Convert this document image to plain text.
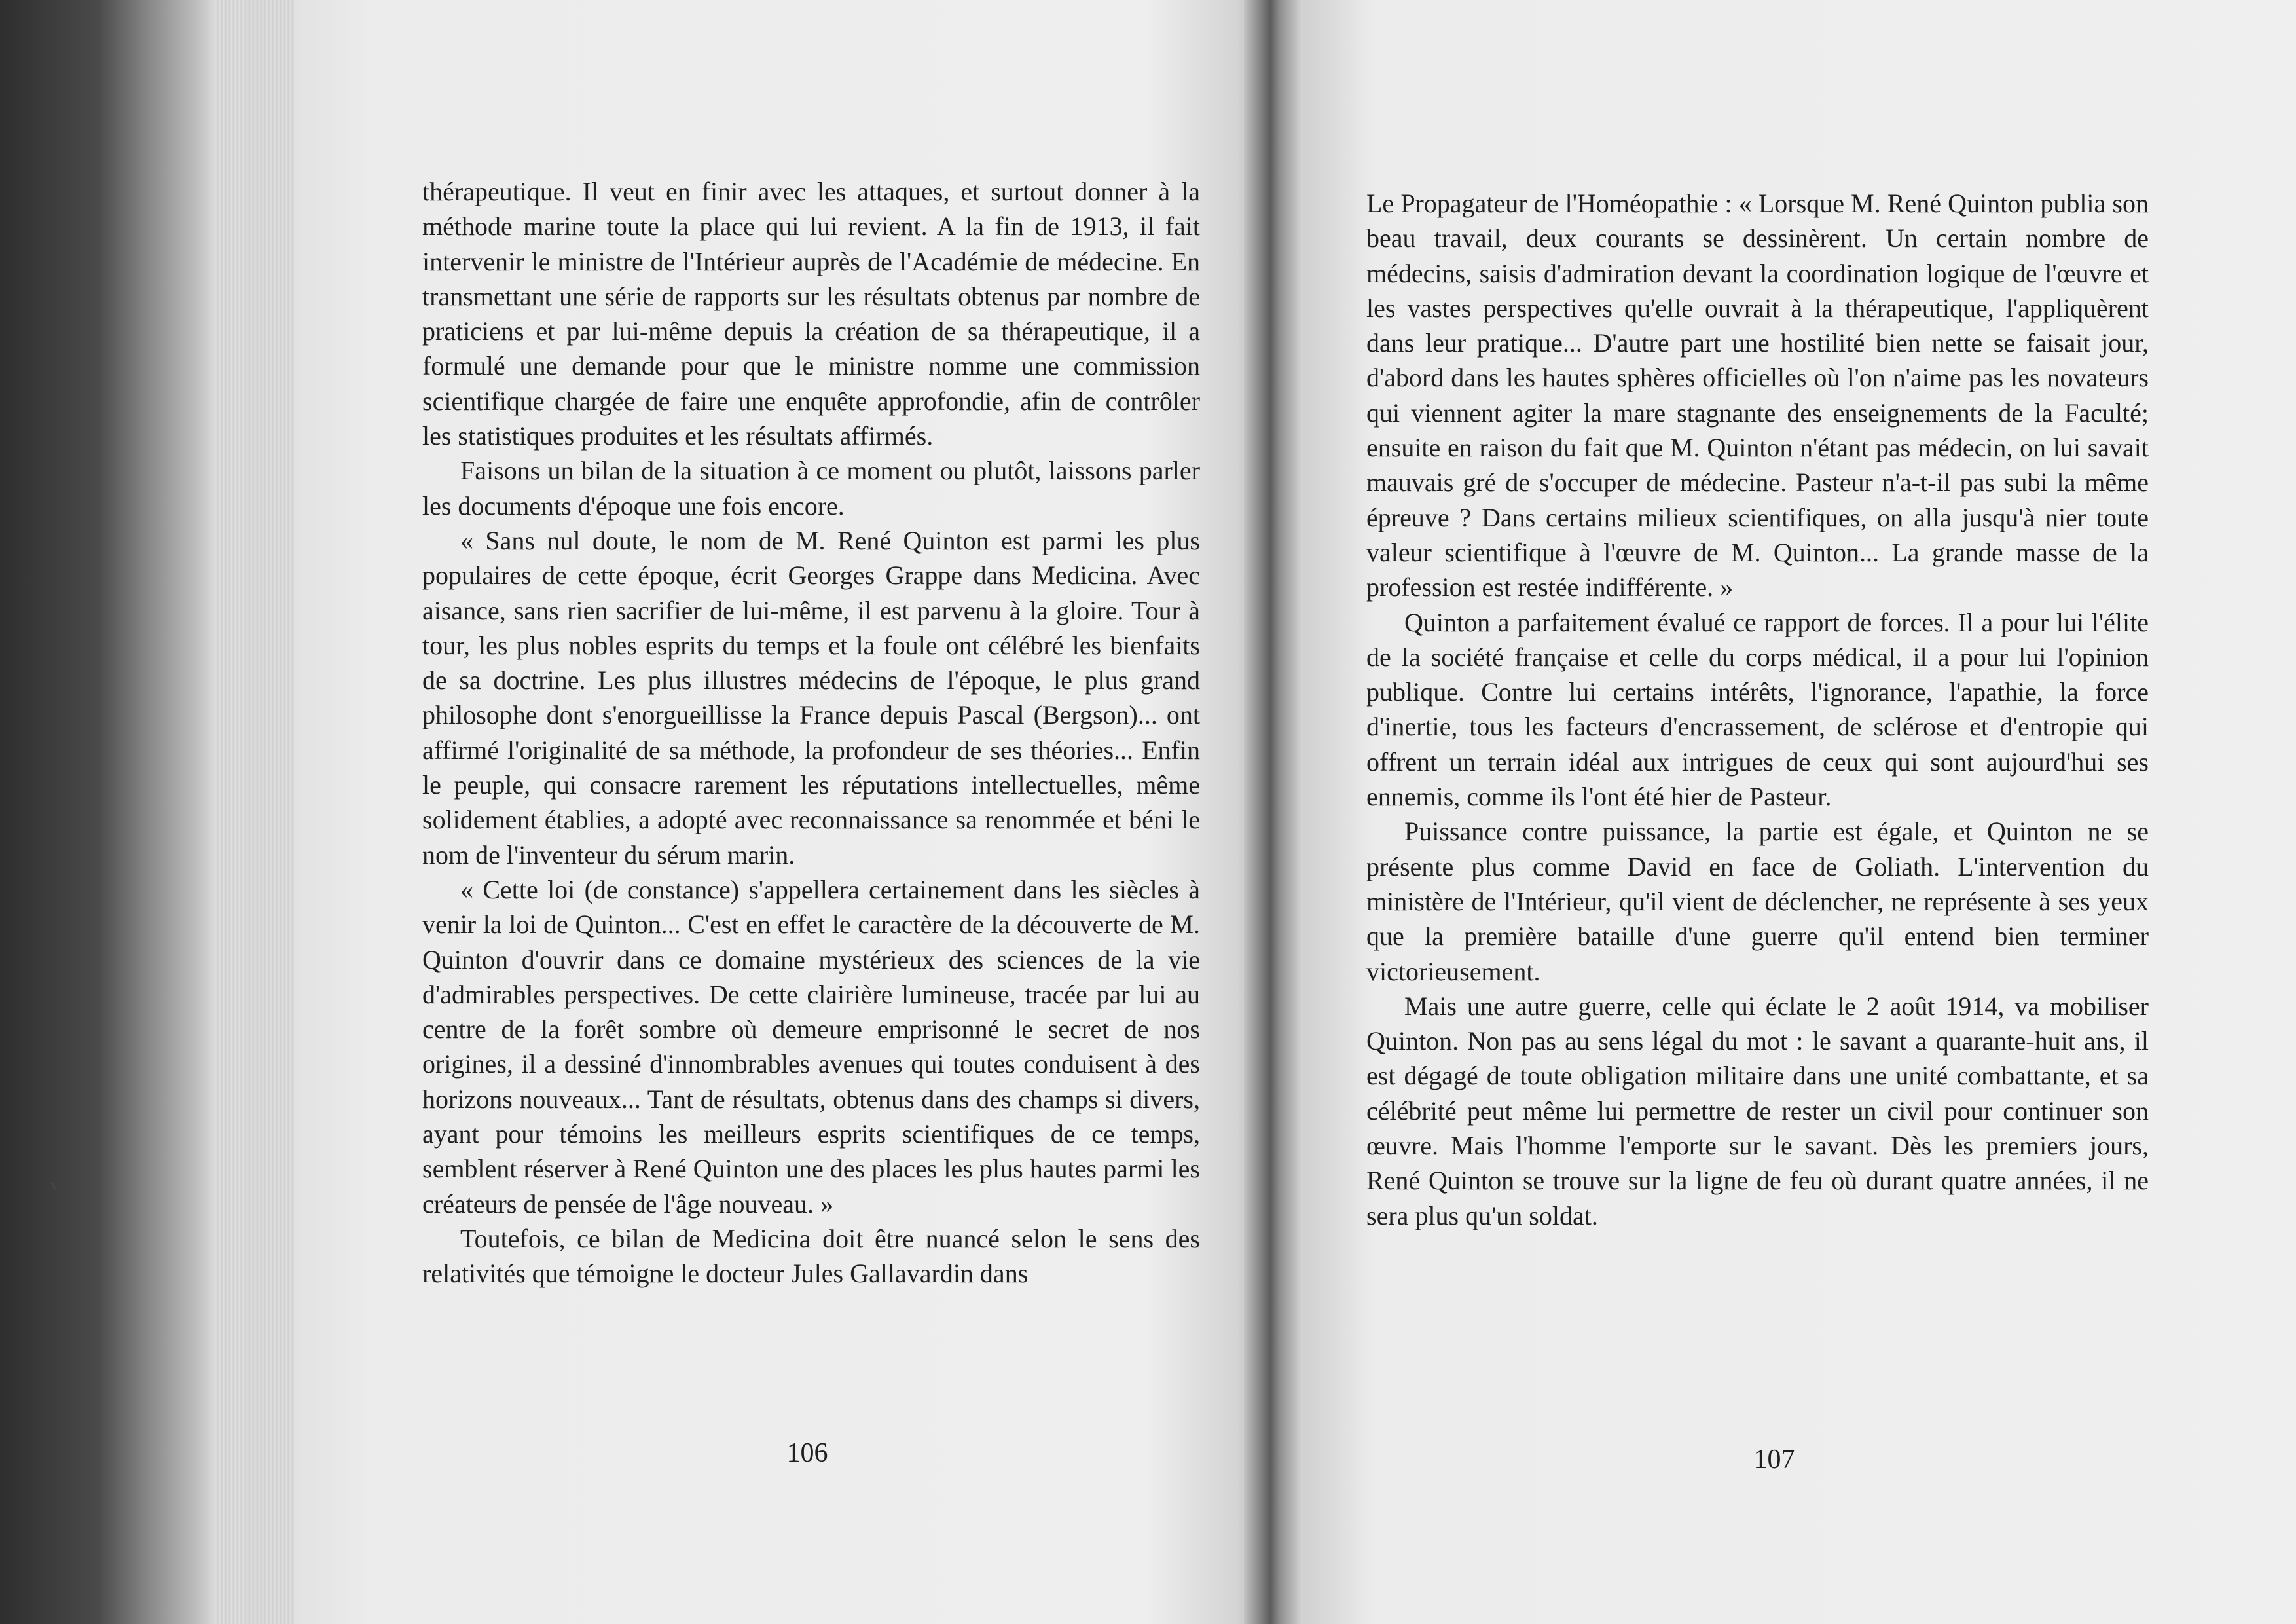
thérapeutique. Il veut en finir avec les attaques, et surtout donner à la méthode marine toute la place qui lui revient. A la fin de 1913, il fait intervenir le ministre de l'Intérieur auprès de l'Académie de médecine. En transmettant une série de rapports sur les résultats obtenus par nombre de praticiens et par lui-même depuis la création de sa thérapeutique, il a formulé une demande pour que le ministre nomme une commission scientifique chargée de faire une enquête approfondie, afin de contrôler les statistiques produites et les résultats affirmés.

Faisons un bilan de la situation à ce moment ou plutôt, laissons parler les documents d'époque une fois encore.

« Sans nul doute, le nom de M. René Quinton est parmi les plus populaires de cette époque, écrit Georges Grappe dans Medicina. Avec aisance, sans rien sacrifier de lui-même, il est parvenu à la gloire. Tour à tour, les plus nobles esprits du temps et la foule ont célébré les bienfaits de sa doctrine. Les plus illustres médecins de l'époque, le plus grand philosophe dont s'enorgueillisse la France depuis Pascal (Bergson)... ont affirmé l'originalité de sa méthode, la profondeur de ses théories... Enfin le peuple, qui consacre rarement les réputations intellectuelles, même solidement établies, a adopté avec reconnaissance sa renommée et béni le nom de l'inventeur du sérum marin.

« Cette loi (de constance) s'appellera certainement dans les siècles à venir la loi de Quinton... C'est en effet le caractère de la découverte de M. Quinton d'ouvrir dans ce domaine mystérieux des sciences de la vie d'admirables perspectives. De cette clairière lumineuse, tracée par lui au centre de la forêt sombre où demeure emprisonné le secret de nos origines, il a dessiné d'innombrables avenues qui toutes conduisent à des horizons nouveaux... Tant de résultats, obtenus dans des champs si divers, ayant pour témoins les meilleurs esprits scientifiques de ce temps, semblent réserver à René Quinton une des places les plus hautes parmi les créateurs de pensée de l'âge nouveau. »

Toutefois, ce bilan de Medicina doit être nuancé selon le sens des relativités que témoigne le docteur Jules Gallavardin dans

106

Le Propagateur de l'Homéopathie : « Lorsque M. René Quinton publia son beau travail, deux courants se dessinèrent. Un certain nombre de médecins, saisis d'admiration devant la coordination logique de l'œuvre et les vastes perspectives qu'elle ouvrait à la thérapeutique, l'appliquèrent dans leur pratique... D'autre part une hostilité bien nette se faisait jour, d'abord dans les hautes sphères officielles où l'on n'aime pas les novateurs qui viennent agiter la mare stagnante des enseignements de la Faculté; ensuite en raison du fait que M. Quinton n'étant pas médecin, on lui savait mauvais gré de s'occuper de médecine. Pasteur n'a-t-il pas subi la même épreuve ? Dans certains milieux scientifiques, on alla jusqu'à nier toute valeur scientifique à l'œuvre de M. Quinton... La grande masse de la profession est restée indifférente. »

Quinton a parfaitement évalué ce rapport de forces. Il a pour lui l'élite de la société française et celle du corps médical, il a pour lui l'opinion publique. Contre lui certains intérêts, l'ignorance, l'apathie, la force d'inertie, tous les facteurs d'encrassement, de sclérose et d'entropie qui offrent un terrain idéal aux intrigues de ceux qui sont aujourd'hui ses ennemis, comme ils l'ont été hier de Pasteur.

Puissance contre puissance, la partie est égale, et Quinton ne se présente plus comme David en face de Goliath. L'intervention du ministère de l'Intérieur, qu'il vient de déclencher, ne représente à ses yeux que la première bataille d'une guerre qu'il entend bien terminer victorieusement.

Mais une autre guerre, celle qui éclate le 2 août 1914, va mobiliser Quinton. Non pas au sens légal du mot : le savant a quarante-huit ans, il est dégagé de toute obligation militaire dans une unité combattante, et sa célébrité peut même lui permettre de rester un civil pour continuer son œuvre. Mais l'homme l'emporte sur le savant. Dès les premiers jours, René Quinton se trouve sur la ligne de feu où durant quatre années, il ne sera plus qu'un soldat.

107
